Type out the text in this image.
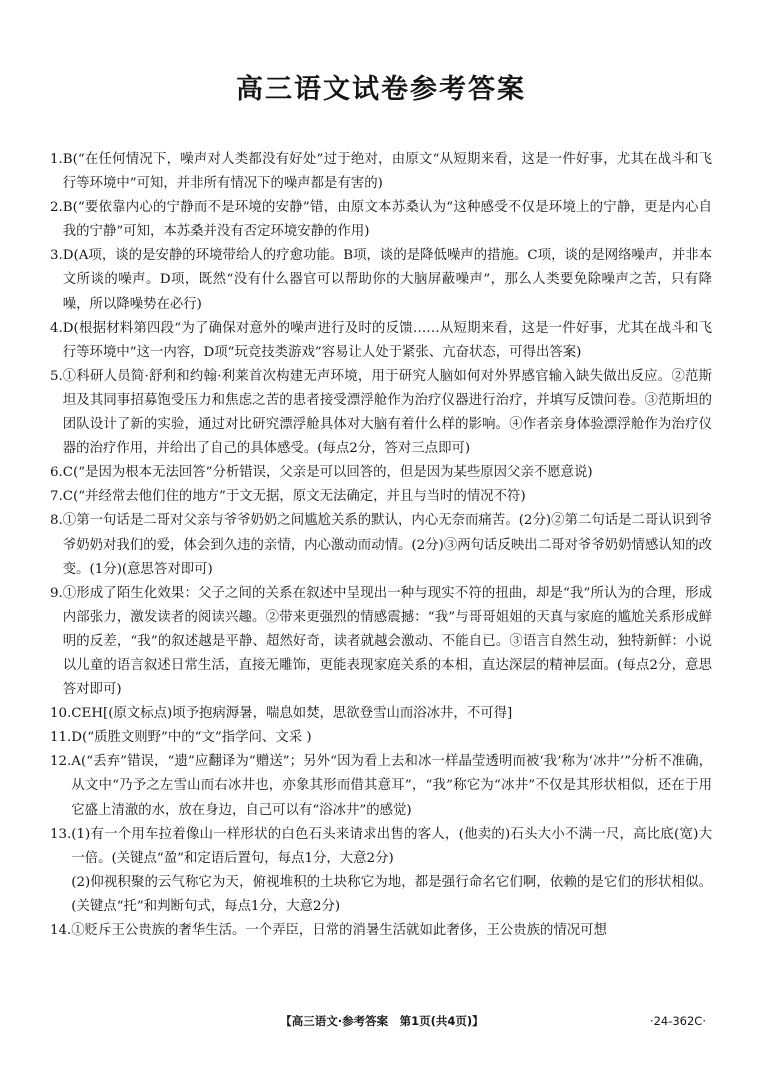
高三语文试卷参考答案
1. B(“在任何情况下，噪声对人类都没有好处”过于绝对，由原文“从短期来看，这是一件好事，尤其在战斗和飞行等环境中”可知，并非所有情况下的噪声都是有害的)

2. B(“要依靠内心的宁静而不是环境的安静”错，由原文本苏桑认为“这种感受不仅是环境上的宁静，更是内心自我的宁静”可知，本苏桑并没有否定环境安静的作用)

3. D(A项，谈的是安静的环境带给人的疗愈功能。B项，谈的是降低噪声的措施。C项，谈的是网络噪声，并非本文所谈的噪声。D项，既然“没有什么器官可以帮助你的大脑屏蔽噪声”，那么人类要免除噪声之苦，只有降噪，所以降噪势在必行)

4. D(根据材料第四段“为了确保对意外的噪声进行及时的反馈……从短期来看，这是一件好事，尤其在战斗和飞行等环境中”这一内容，D项“玩竞技类游戏”容易让人处于紧张、亢奋状态，可得出答案)

5. ①科研人员简·舒利和约翰·利莱首次构建无声环境，用于研究人脑如何对外界感官输入缺失做出反应。②范斯坦及其同事招募饱受压力和焦虑之苦的患者接受漂浮舱作为治疗仪器进行治疗，并填写反馈问卷。③范斯坦的团队设计了新的实验，通过对比研究漂浮舱具体对大脑有着什么样的影响。④作者亲身体验漂浮舱作为治疗仪器的治疗作用，并给出了自己的具体感受。(每点2分，答对三点即可)

6. C(“是因为根本无法回答”分析错误，父亲是可以回答的，但是因为某些原因父亲不愿意说)

7. C(“并经常去他们住的地方”于文无据，原文无法确定，并且与当时的情况不符)

8. ①第一句话是二哥对父亲与爷爷奶奶之间尴尬关系的默认，内心无奈而痛苦。(2分)②第二句话是二哥认识到爷爷奶奶对我们的爱，体会到久违的亲情，内心激动而动情。(2分)③两句话反映出二哥对爷爷奶奶情感认知的改变。(1分)(意思答对即可)

9. ①形成了陌生化效果：父子之间的关系在叙述中呈现出一种与现实不符的扭曲，却是“我”所认为的合理，形成内部张力，激发读者的阅读兴趣。②带来更强烈的情感震撼：“我”与哥哥姐姐的天真与家庭的尴尬关系形成鲜明的反差，“我”的叙述越是平静、超然好奇，读者就越会激动、不能自已。③语言自然生动，独特新鲜：小说以儿童的语言叙述日常生活，直接无雕饰，更能表现家庭关系的本相，直达深层的精神层面。(每点2分，意思答对即可)

10. CEH[(原文标点)顷予抱病溽暑，喘息如焚，思欲登雪山而浴冰井，不可得]

11. D(“质胜文则野”中的“文”指学问、文采 )

12. A(“丢弃”错误，“遗”应翻译为“赠送”；另外“因为看上去和冰一样晶莹透明而被‘我’称为‘冰井’”分析不准确，从文中“乃予之左雪山而右冰井也，亦象其形而借其意耳”，“我”称它为“冰井”不仅是其形状相似，还在于用它盛上清澈的水，放在身边，自己可以有“浴冰井”的感觉)

13. (1)有一个用车拉着像山一样形状的白色石头来请求出售的客人，(他卖的)石头大小不满一尺，高比底(宽)大一倍。(关键点“盈”和定语后置句，每点1分，大意2分)

(2)仰视积聚的云气称它为天，俯视堆积的土块称它为地，都是强行命名它们啊，依赖的是它们的形状相似。(关键点“托”和判断句式，每点1分，大意2分)

14. ①贬斥王公贵族的奢华生活。一个弄臣，日常的消暑生活就如此奢侈，王公贵族的情况可想

【高三语文·参考答案　第1页(共4页)】	·24-362C·
